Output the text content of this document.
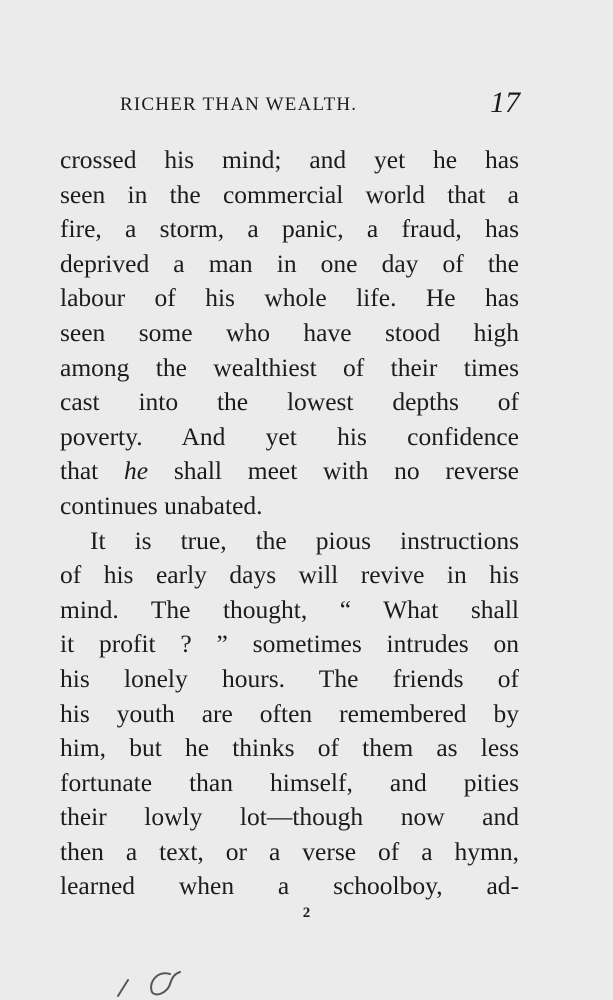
RICHER THAN WEALTH.	17
crossed his mind; and yet he has
seen in the commercial world that a
fire, a storm, a panic, a fraud, has
deprived a man in one day of the
labour of his whole life. He has
seen some who have stood high
among the wealthiest of their times
cast into the lowest depths of
poverty. And yet his confidence
that he shall meet with no reverse
continues unabated.
It is true, the pious instructions
of his early days will revive in his
mind. The thought, “ What shall
it profit ? ” sometimes intrudes on
his lonely hours. The friends of
his youth are often remembered by
him, but he thinks of them as less
fortunate than himself, and pities
their lowly lot—though now and
then a text, or a verse of a hymn,
learned when a schoolboy, ad-
2
